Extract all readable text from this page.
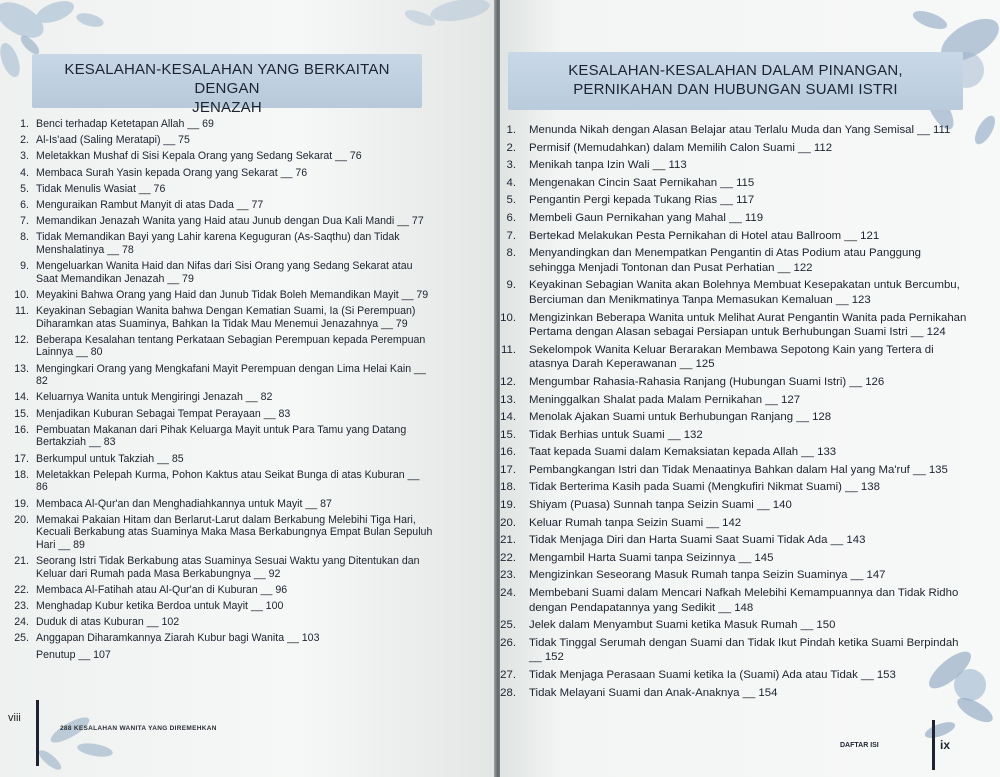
KESALAHAN-KESALAHAN YANG BERKAITAN DENGAN
JENAZAH
1. Benci terhadap Ketetapan Allah __ 69
2. Al-Is'aad (Saling Meratapi) __ 75
3. Meletakkan Mushaf di Sisi Kepala Orang yang Sedang Sekarat __ 76
4. Membaca Surah Yasin kepada Orang yang Sekarat __ 76
5. Tidak Menulis Wasiat __ 76
6. Menguraikan Rambut Manyit di atas Dada __ 77
7. Memandikan Jenazah Wanita yang Haid atau Junub dengan Dua Kali Mandi __ 77
8. Tidak Memandikan Bayi yang Lahir karena Keguguran (As-Saqthu) dan Tidak Menshalatinya __ 78
9. Mengeluarkan Wanita Haid dan Nifas dari Sisi Orang yang Sedang Sekarat atau Saat Memandikan Jenazah __ 79
10. Meyakini Bahwa Orang yang Haid dan Junub Tidak Boleh Memandikan Mayit __ 79
11. Keyakinan Sebagian Wanita bahwa Dengan Kematian Suami, Ia (Si Perempuan) Diharamkan atas Suaminya, Bahkan Ia Tidak Mau Menemui Jenazahnya __ 79
12. Beberapa Kesalahan tentang Perkataan Sebagian Perempuan kepada Perempuan Lainnya __ 80
13. Mengingkari Orang yang Mengkafani Mayit Perempuan dengan Lima Helai Kain __ 82
14. Keluarnya Wanita untuk Mengiringi Jenazah __ 82
15. Menjadikan Kuburan Sebagai Tempat Perayaan __ 83
16. Pembuatan Makanan dari Pihak Keluarga Mayit untuk Para Tamu yang Datang Bertakziah __ 83
17. Berkumpul untuk Takziah __ 85
18. Meletakkan Pelepah Kurma, Pohon Kaktus atau Seikat Bunga di atas Kuburan __ 86
19. Membaca Al-Qur'an dan Menghadiahkannya untuk Mayit __ 87
20. Memakai Pakaian Hitam dan Berlarut-Larut dalam Berkabung Melebihi Tiga Hari, Kecuali Berkabung atas Suaminya Maka Masa Berkabungnya Empat Bulan Sepuluh Hari __ 89
21. Seorang Istri Tidak Berkabung atas Suaminya Sesuai Waktu yang Ditentukan dan Keluar dari Rumah pada Masa Berkabungnya __ 92
22. Membaca Al-Fatihah atau Al-Qur'an di Kuburan __ 96
23. Menghadap Kubur ketika Berdoa untuk Mayit __ 100
24. Duduk di atas Kuburan __ 102
25. Anggapan Diharamkannya Ziarah Kubur bagi Wanita __ 103
Penutup __ 107
viii
288 KESALAHAN WANITA YANG DIREMEHKAN
KESALAHAN-KESALAHAN DALAM PINANGAN,
PERNIKAHAN DAN HUBUNGAN SUAMI ISTRI
1. Menunda Nikah dengan Alasan Belajar atau Terlalu Muda dan Yang Semisal __ 111
2. Permisif (Memudahkan) dalam Memilih Calon Suami __ 112
3. Menikah tanpa Izin Wali __ 113
4. Mengenakan Cincin Saat Pernikahan __ 115
5. Pengantin Pergi kepada Tukang Rias __ 117
6. Membeli Gaun Pernikahan yang Mahal __ 119
7. Bertekad Melakukan Pesta Pernikahan di Hotel atau Ballroom __ 121
8. Menyandingkan dan Menempatkan Pengantin di Atas Podium atau Panggung sehingga Menjadi Tontonan dan Pusat Perhatian __ 122
9. Keyakinan Sebagian Wanita akan Bolehnya Membuat Kesepakatan untuk Bercumbu, Berciuman dan Menikmatinya Tanpa Memasukan Kemaluan __ 123
10. Mengizinkan Beberapa Wanita untuk Melihat Aurat Pengantin Wanita pada Pernikahan Pertama dengan Alasan sebagai Persiapan untuk Berhubungan Suami Istri __ 124
11. Sekelompok Wanita Keluar Berarakan Membawa Sepotong Kain yang Tertera di atasnya Darah Keperawanan __ 125
12. Mengumbar Rahasia-Rahasia Ranjang (Hubungan Suami Istri) __ 126
13. Meninggalkan Shalat pada Malam Pernikahan __ 127
14. Menolak Ajakan Suami untuk Berhubungan Ranjang __ 128
15. Tidak Berhias untuk Suami __ 132
16. Taat kepada Suami dalam Kemaksiatan kepada Allah __ 133
17. Pembangkangan Istri dan Tidak Menaatinya Bahkan dalam Hal yang Ma'ruf __ 135
18. Tidak Berterima Kasih pada Suami (Mengkufiri Nikmat Suami) __ 138
19. Shiyam (Puasa) Sunnah tanpa Seizin Suami __ 140
20. Keluar Rumah tanpa Seizin Suami __ 142
21. Tidak Menjaga Diri dan Harta Suami Saat Suami Tidak Ada __ 143
22. Mengambil Harta Suami tanpa Seizinnya __ 145
23. Mengizinkan Seseorang Masuk Rumah tanpa Seizin Suaminya __ 147
24. Membebani Suami dalam Mencari Nafkah Melebihi Kemampuannya dan Tidak Ridho dengan Pendapatannya yang Sedikit __ 148
25. Jelek dalam Menyambut Suami ketika Masuk Rumah __ 150
26. Tidak Tinggal Serumah dengan Suami dan Tidak Ikut Pindah ketika Suami Berpindah __ 152
27. Tidak Menjaga Perasaan Suami ketika Ia (Suami) Ada atau Tidak __ 153
28. Tidak Melayani Suami dan Anak-Anaknya __ 154
DAFTAR ISI	ix
